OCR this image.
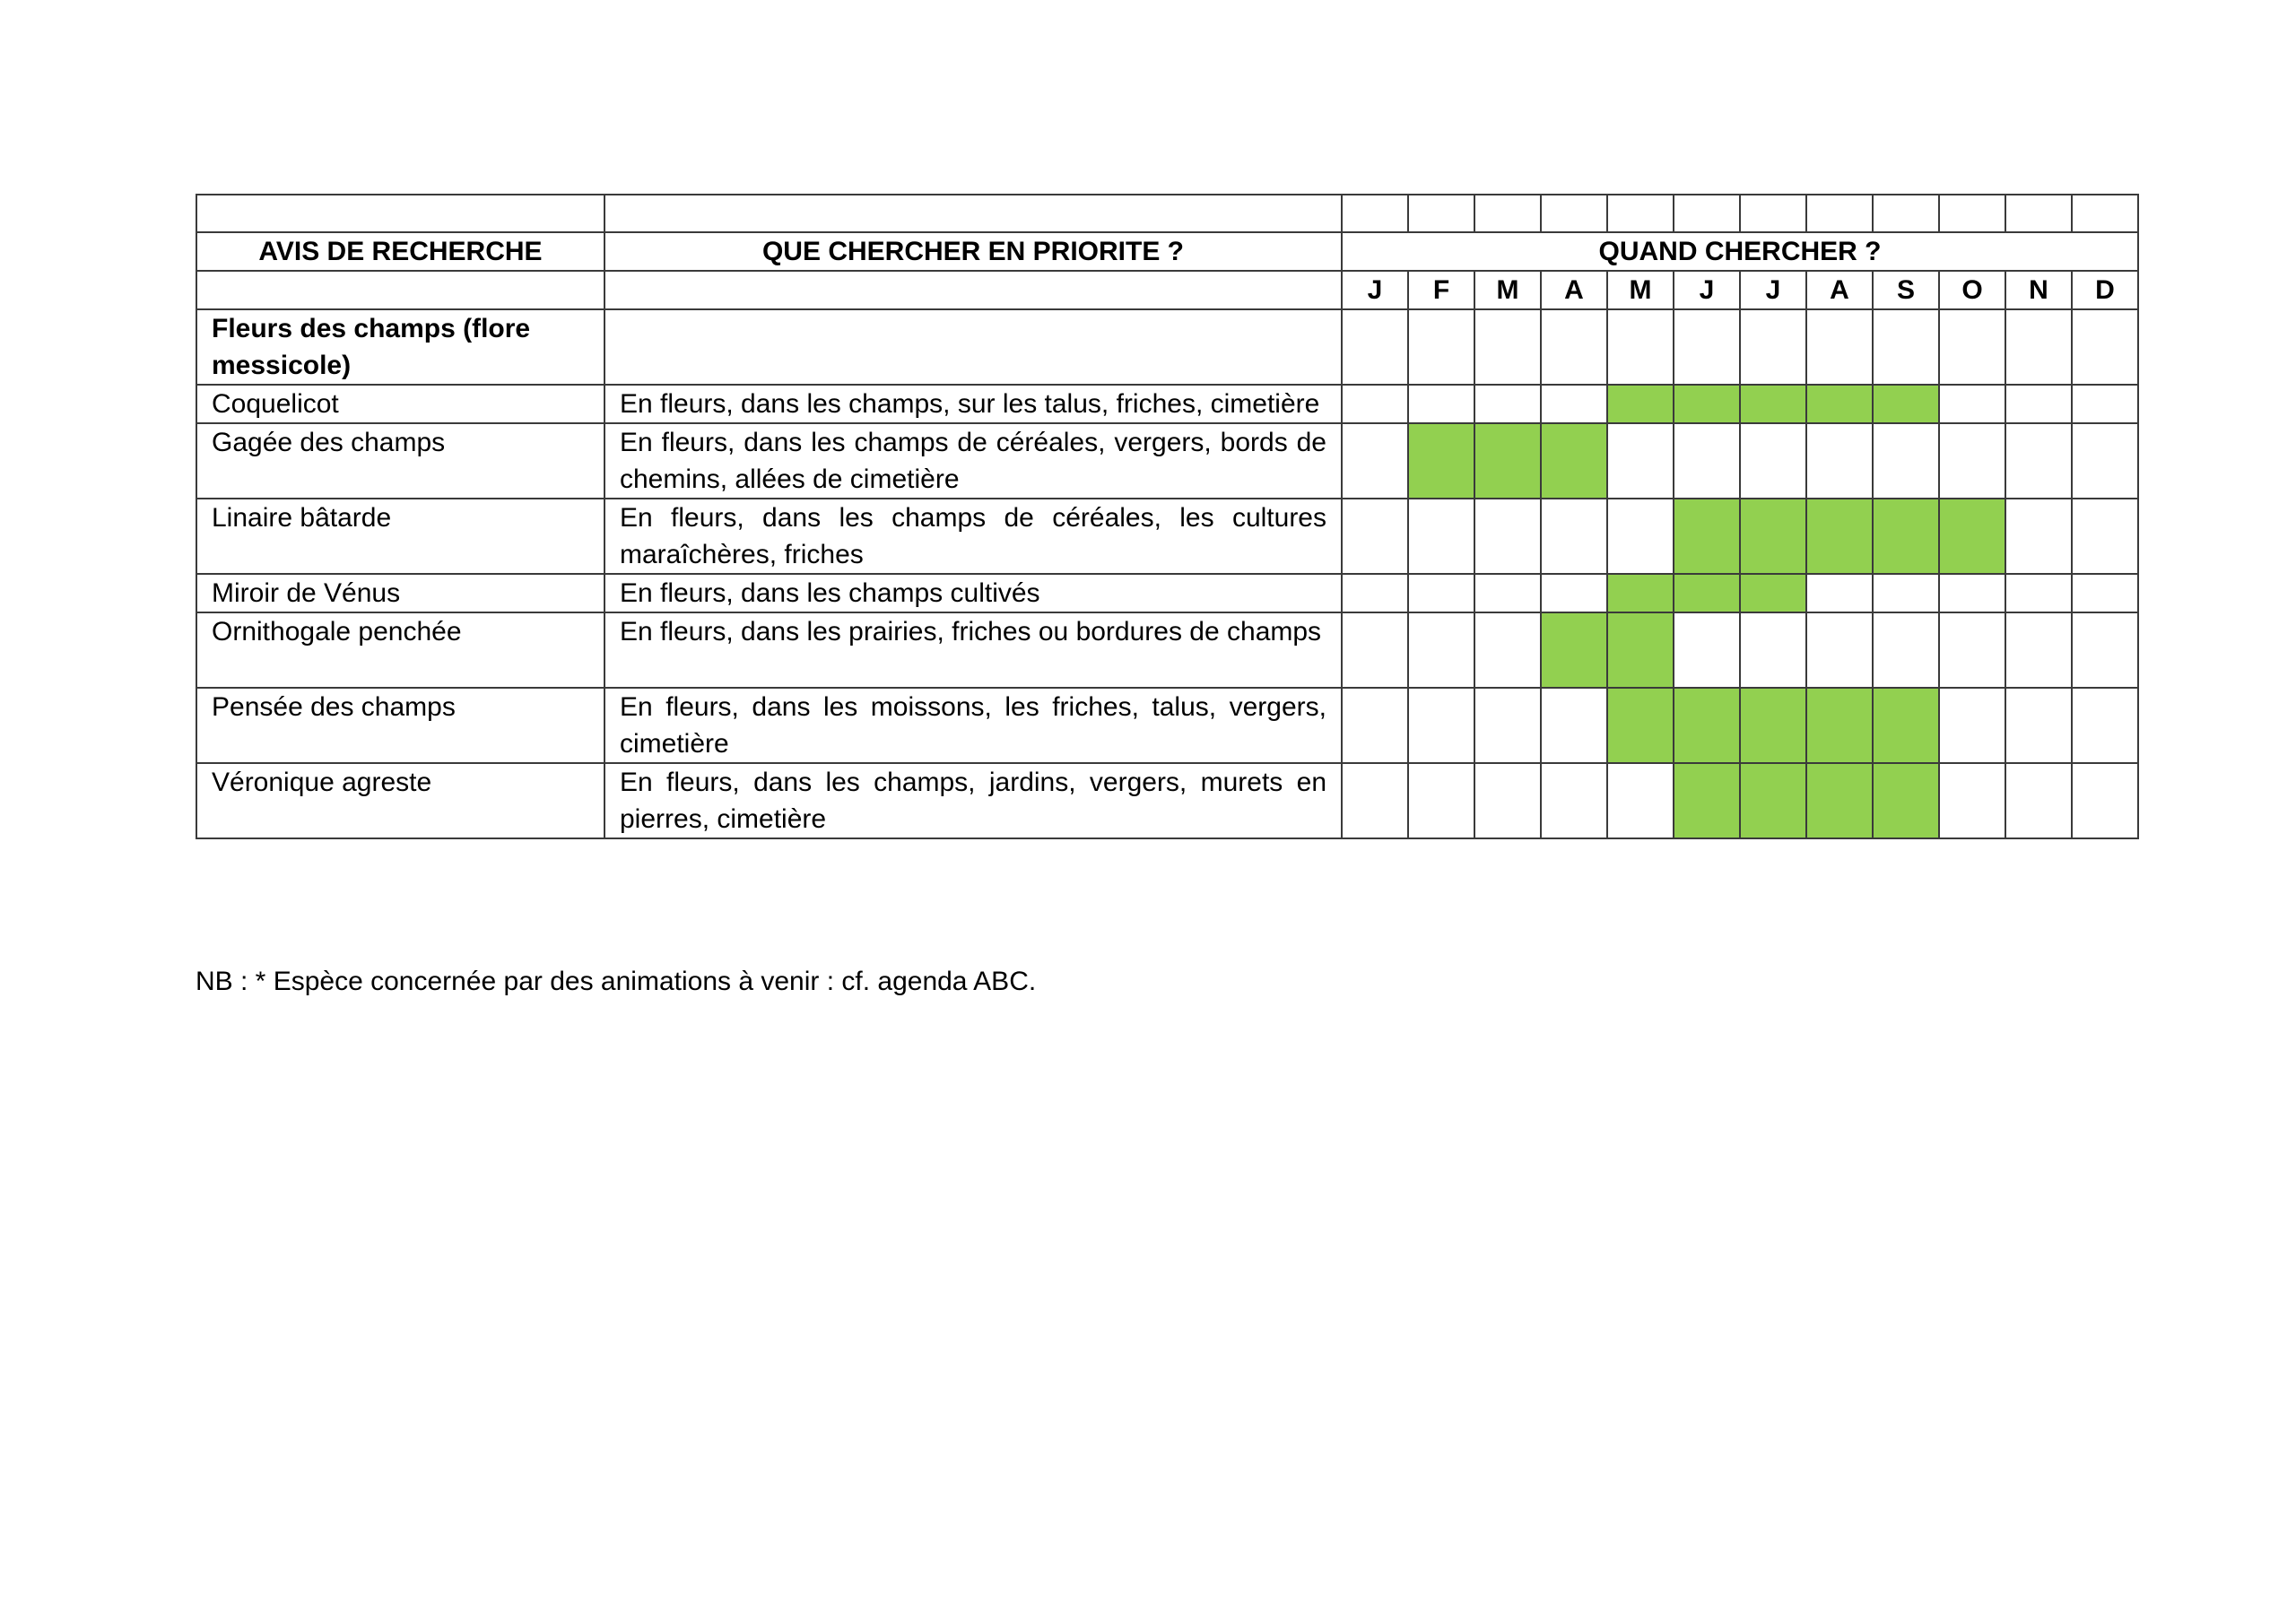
AVIS DE RECHERCHE	QUE CHERCHER EN PRIORITE ?	QUAND CHERCHER ?											
		J	F	M	A	M	J	J	A	S	O	N	D
Fleurs des champs (flore messicole)													
Coquelicot	En fleurs, dans les champs, sur les talus, friches, cimetière												
Gagée des champs	En fleurs, dans les champs de céréales, vergers, bords de chemins, allées de cimetière												
Linaire bâtarde	En fleurs, dans les champs de céréales, les cultures maraîchères, friches												
Miroir de Vénus	En fleurs, dans les champs cultivés												
Ornithogale penchée	En fleurs, dans les prairies, friches ou bordures de champs												
Pensée des champs	En fleurs, dans les moissons, les friches, talus, vergers, cimetière												
Véronique agreste	En fleurs, dans les champs, jardins, vergers, murets en pierres, cimetière												
NB : * Espèce concernée par des animations à venir : cf. agenda ABC.
